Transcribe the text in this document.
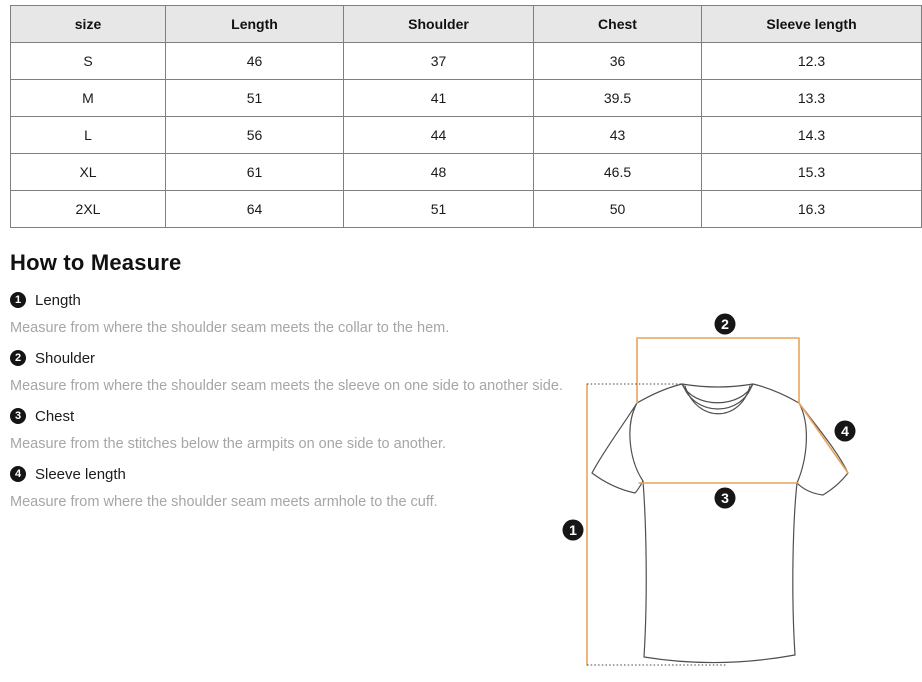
size	Length	Shoulder	Chest	Sleeve length
S	46	37	36	12.3
M	51	41	39.5	13.3
L	56	44	43	14.3
XL	61	48	46.5	15.3
2XL	64	51	50	16.3
How to Measure
1 Length
Measure from where the shoulder seam meets the collar to the hem.
2 Shoulder
Measure from where the shoulder seam meets the sleeve on one side to another side.
3 Chest
Measure from the stitches below the armpits on one side to another.
4 Sleeve length
Measure from where the shoulder seam meets armhole to the cuff.
2
4
3
1
